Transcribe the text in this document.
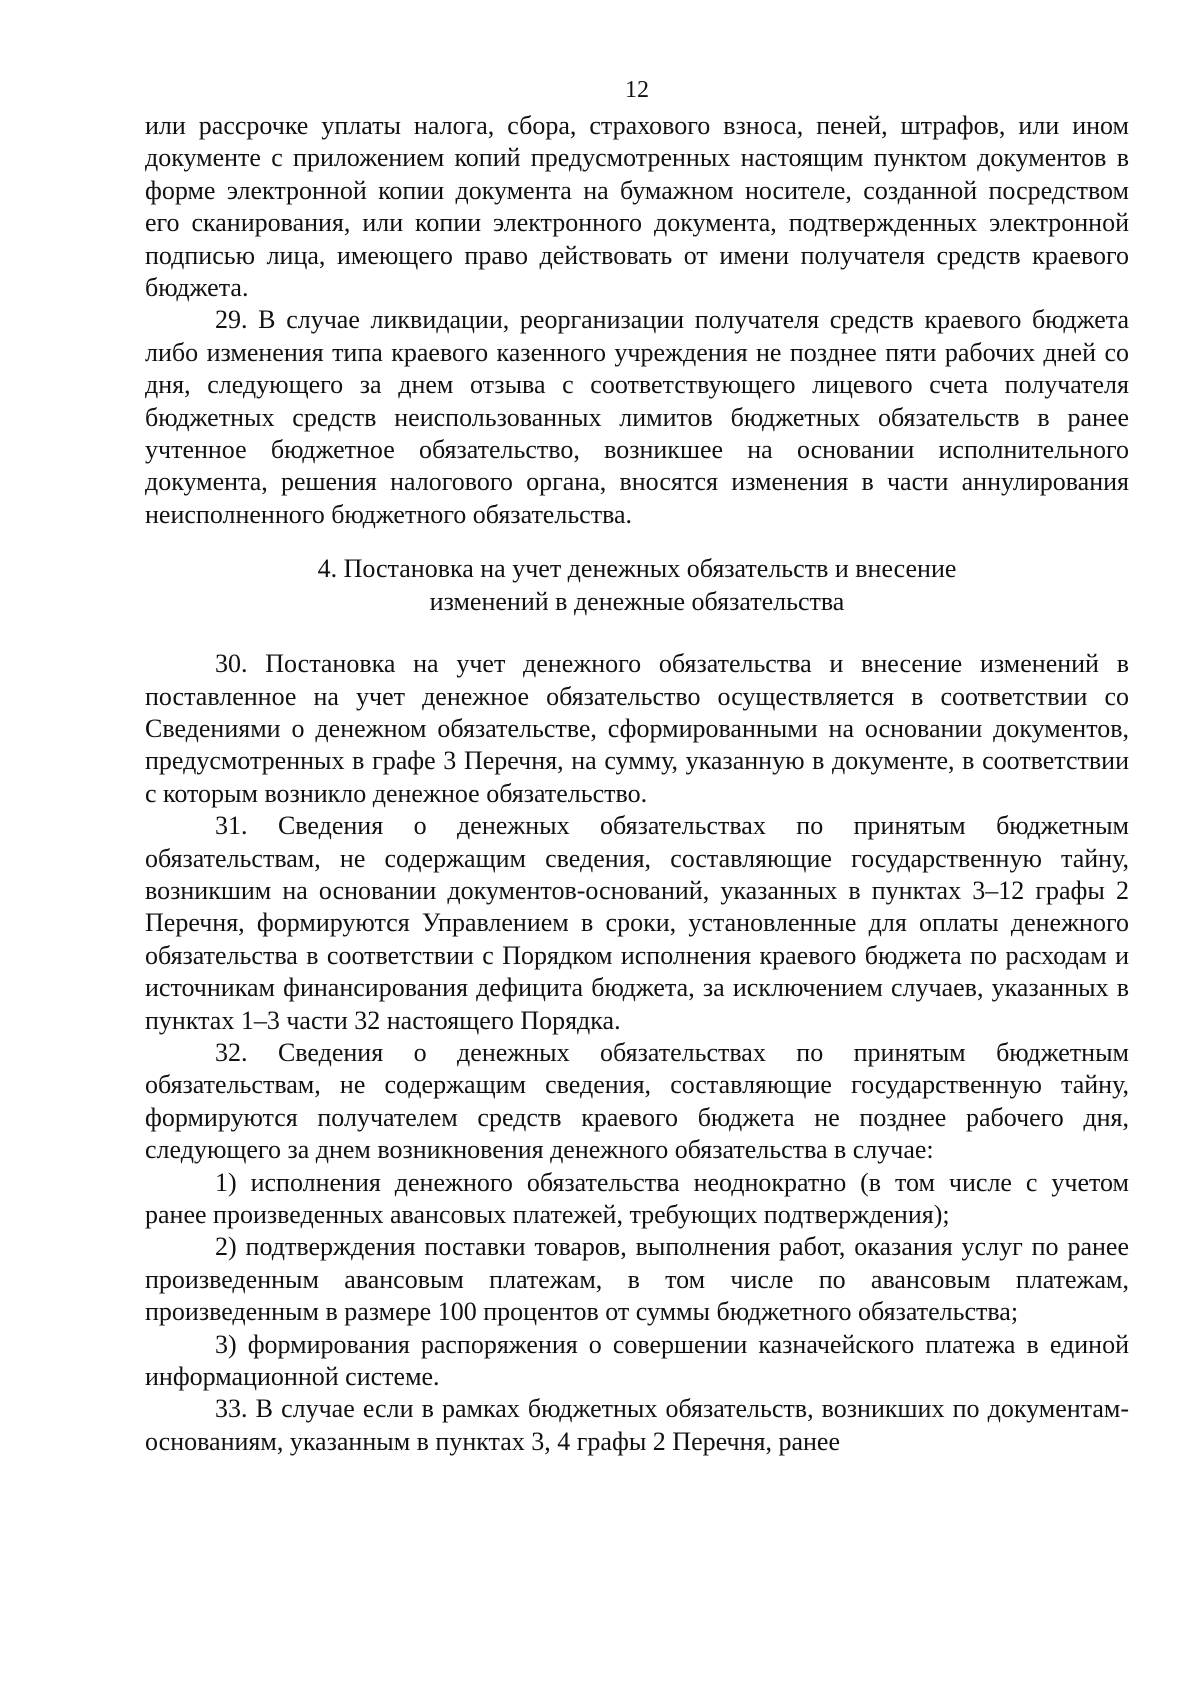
12

или рассрочке уплаты налога, сбора, страхового взноса, пеней, штрафов, или ином документе с приложением копий предусмотренных настоящим пунктом документов в форме электронной копии документа на бумажном носителе, созданной посредством его сканирования, или копии электронного документа, подтвержденных электронной подписью лица, имеющего право действовать от имени получателя средств краевого бюджета.

29. В случае ликвидации, реорганизации получателя средств краевого бюджета либо изменения типа краевого казенного учреждения не позднее пяти рабочих дней со дня, следующего за днем отзыва с соответствующего лицевого счета получателя бюджетных средств неиспользованных лимитов бюджетных обязательств в ранее учтенное бюджетное обязательство, возникшее на основании исполнительного документа, решения налогового органа, вносятся изменения в части аннулирования неисполненного бюджетного обязательства.

4. Постановка на учет денежных обязательств и внесение
изменений в денежные обязательства

30. Постановка на учет денежного обязательства и внесение изменений в поставленное на учет денежное обязательство осуществляется в соответствии со Сведениями о денежном обязательстве, сформированными на основании документов, предусмотренных в графе 3 Перечня, на сумму, указанную в документе, в соответствии с которым возникло денежное обязательство.

31. Сведения о денежных обязательствах по принятым бюджетным обязательствам, не содержащим сведения, составляющие государственную тайну, возникшим на основании документов-оснований, указанных в пунктах 3–12 графы 2 Перечня, формируются Управлением в сроки, установленные для оплаты денежного обязательства в соответствии с Порядком исполнения краевого бюджета по расходам и источникам финансирования дефицита бюджета, за исключением случаев, указанных в пунктах 1–3 части 32 настоящего Порядка.

32. Сведения о денежных обязательствах по принятым бюджетным обязательствам, не содержащим сведения, составляющие государственную тайну, формируются получателем средств краевого бюджета не позднее рабочего дня, следующего за днем возникновения денежного обязательства в случае:

1) исполнения денежного обязательства неоднократно (в том числе с учетом ранее произведенных авансовых платежей, требующих подтверждения);

2) подтверждения поставки товаров, выполнения работ, оказания услуг по ранее произведенным авансовым платежам, в том числе по авансовым платежам, произведенным в размере 100 процентов от суммы бюджетного обязательства;

3) формирования распоряжения о совершении казначейского платежа в единой информационной системе.

33. В случае если в рамках бюджетных обязательств, возникших по документам-основаниям, указанным в пунктах 3, 4 графы 2 Перечня, ранее
